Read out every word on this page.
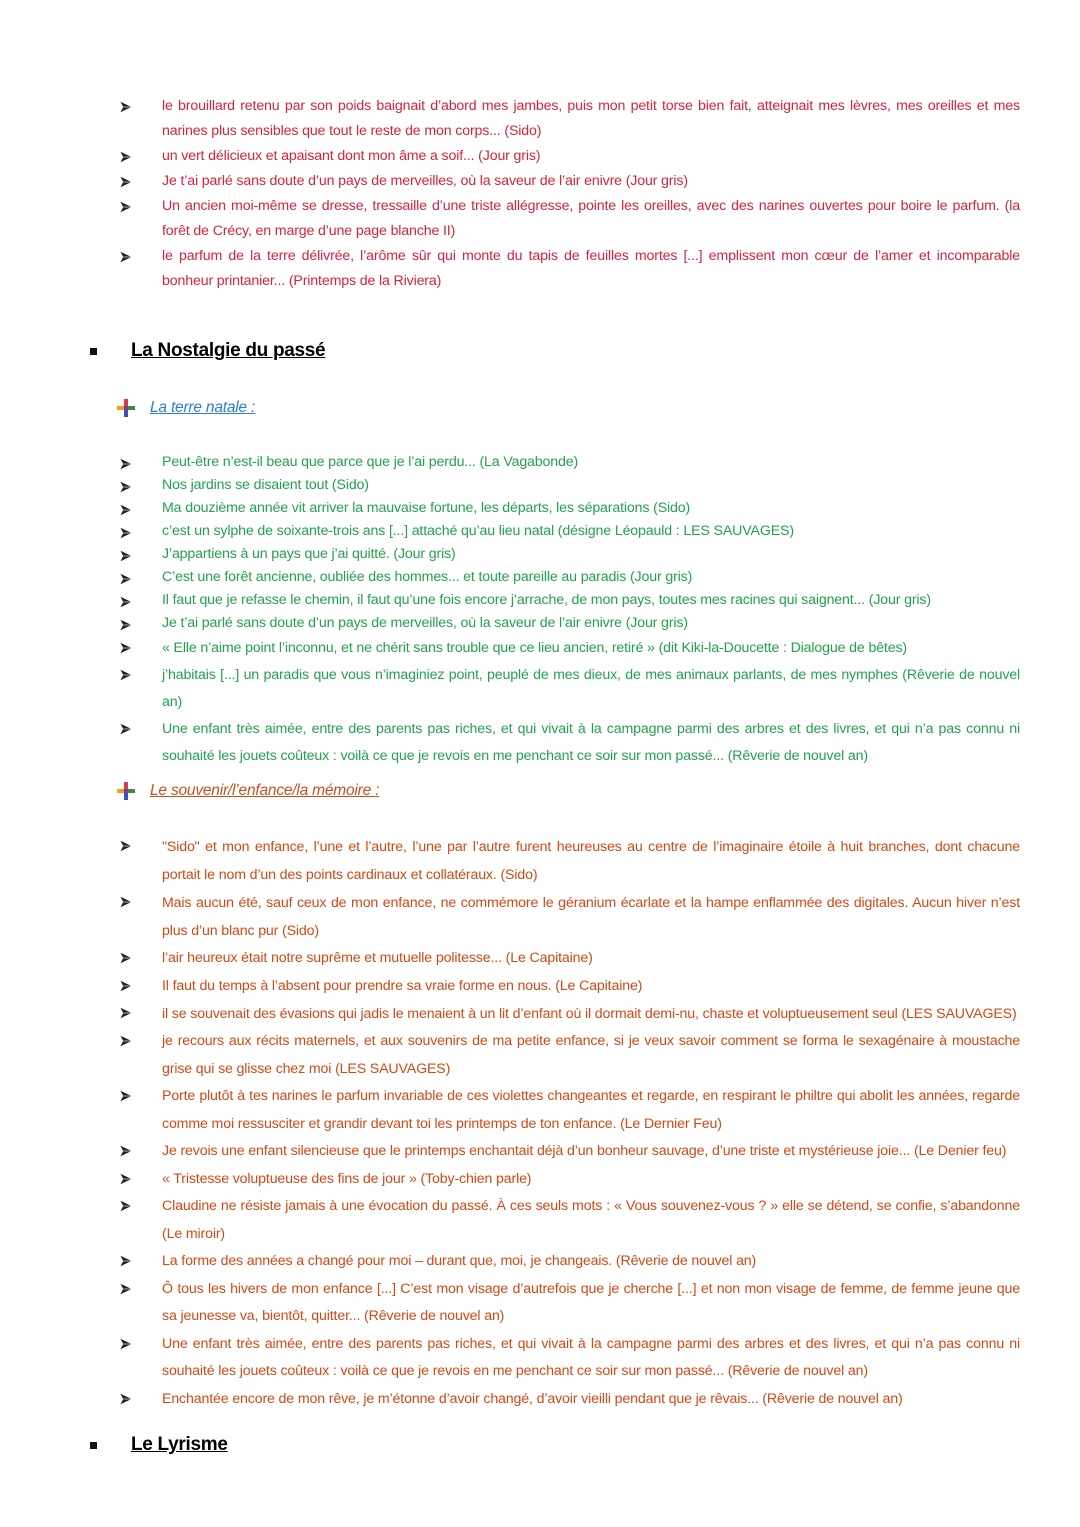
le brouillard retenu par son poids baignait d’abord mes jambes, puis mon petit torse bien fait, atteignait mes lèvres, mes oreilles et mes narines plus sensibles que tout le reste de mon corps... (Sido)
un vert délicieux et apaisant dont mon âme a soif... (Jour gris)
Je t’ai parlé sans doute d’un pays de merveilles, où la saveur de l’air enivre (Jour gris)
Un ancien moi-même se dresse, tressaille d’une triste allégresse, pointe les oreilles, avec des narines ouvertes pour boire le parfum. (la forêt de Crécy, en marge d’une page blanche II)
le parfum de la terre délivrée, l’arôme sûr qui monte du tapis de feuilles mortes [...] emplissent mon cœur de l’amer et incomparable bonheur printanier... (Printemps de la Riviera)
La Nostalgie du passé
La terre natale :
Peut-être n’est-il beau que parce que je l’ai perdu... (La Vagabonde)
Nos jardins se disaient tout (Sido)
Ma douzième année vit arriver la mauvaise fortune, les départs, les séparations (Sido)
c’est un sylphe de soixante-trois ans [...] attaché qu’au lieu natal (désigne Léopauld : LES SAUVAGES)
J’appartiens à un pays que j’ai quitté. (Jour gris)
C’est une forêt ancienne, oubliée des hommes... et toute pareille au paradis (Jour gris)
Il faut que je refasse le chemin, il faut qu’une fois encore j’arrache, de mon pays, toutes mes racines qui saignent... (Jour gris)
Je t’ai parlé sans doute d’un pays de merveilles, où la saveur de l’air enivre (Jour gris)
« Elle n’aime point l’inconnu, et ne chérit sans trouble que ce lieu ancien, retiré » (dit Kiki-la-Doucette : Dialogue de bêtes)
j’habitais [...] un paradis que vous n’imaginiez point, peuplé de mes dieux, de mes animaux parlants, de mes nymphes (Rêverie de nouvel an)
Une enfant très aimée, entre des parents pas riches, et qui vivait à la campagne parmi des arbres et des livres, et qui n’a pas connu ni souhaité les jouets coûteux : voilà ce que je revois en me penchant ce soir sur mon passé... (Rêverie de nouvel an)
Le souvenir/l’enfance/la mémoire :
"Sido" et mon enfance, l’une et l’autre, l’une par l’autre furent heureuses au centre de l’imaginaire étoile à huit branches, dont chacune portait le nom d’un des points cardinaux et collatéraux. (Sido)
Mais aucun été, sauf ceux de mon enfance, ne commémore le géranium écarlate et la hampe enflammée des digitales. Aucun hiver n’est plus d’un blanc pur (Sido)
l’air heureux était notre suprême et mutuelle politesse... (Le Capitaine)
Il faut du temps à l’absent pour prendre sa vraie forme en nous. (Le Capitaine)
il se souvenait des évasions qui jadis le menaient à un lit d’enfant où il dormait demi-nu, chaste et voluptueusement seul (LES SAUVAGES)
je recours aux récits maternels, et aux souvenirs de ma petite enfance, si je veux savoir comment se forma le sexagénaire à moustache grise qui se glisse chez moi (LES SAUVAGES)
Porte plutôt à tes narines le parfum invariable de ces violettes changeantes et regarde, en respirant le philtre qui abolit les années, regarde comme moi ressusciter et grandir devant toi les printemps de ton enfance. (Le Dernier Feu)
Je revois une enfant silencieuse que le printemps enchantait déjà d’un bonheur sauvage, d’une triste et mystérieuse joie... (Le Denier feu)
« Tristesse voluptueuse des fins de jour » (Toby-chien parle)
Claudine ne résiste jamais à une évocation du passé. À ces seuls mots : « Vous souvenez-vous ? » elle se détend, se confie, s’abandonne (Le miroir)
La forme des années a changé pour moi – durant que, moi, je changeais. (Rêverie de nouvel an)
Ô tous les hivers de mon enfance [...] C’est mon visage d’autrefois que je cherche [...] et non mon visage de femme, de femme jeune que sa jeunesse va, bientôt, quitter... (Rêverie de nouvel an)
Une enfant très aimée, entre des parents pas riches, et qui vivait à la campagne parmi des arbres et des livres, et qui n’a pas connu ni souhaité les jouets coûteux : voilà ce que je revois en me penchant ce soir sur mon passé... (Rêverie de nouvel an)
Enchantée encore de mon rêve, je m’étonne d’avoir changé, d’avoir vieilli pendant que je rêvais... (Rêverie de nouvel an)
Le Lyrisme
